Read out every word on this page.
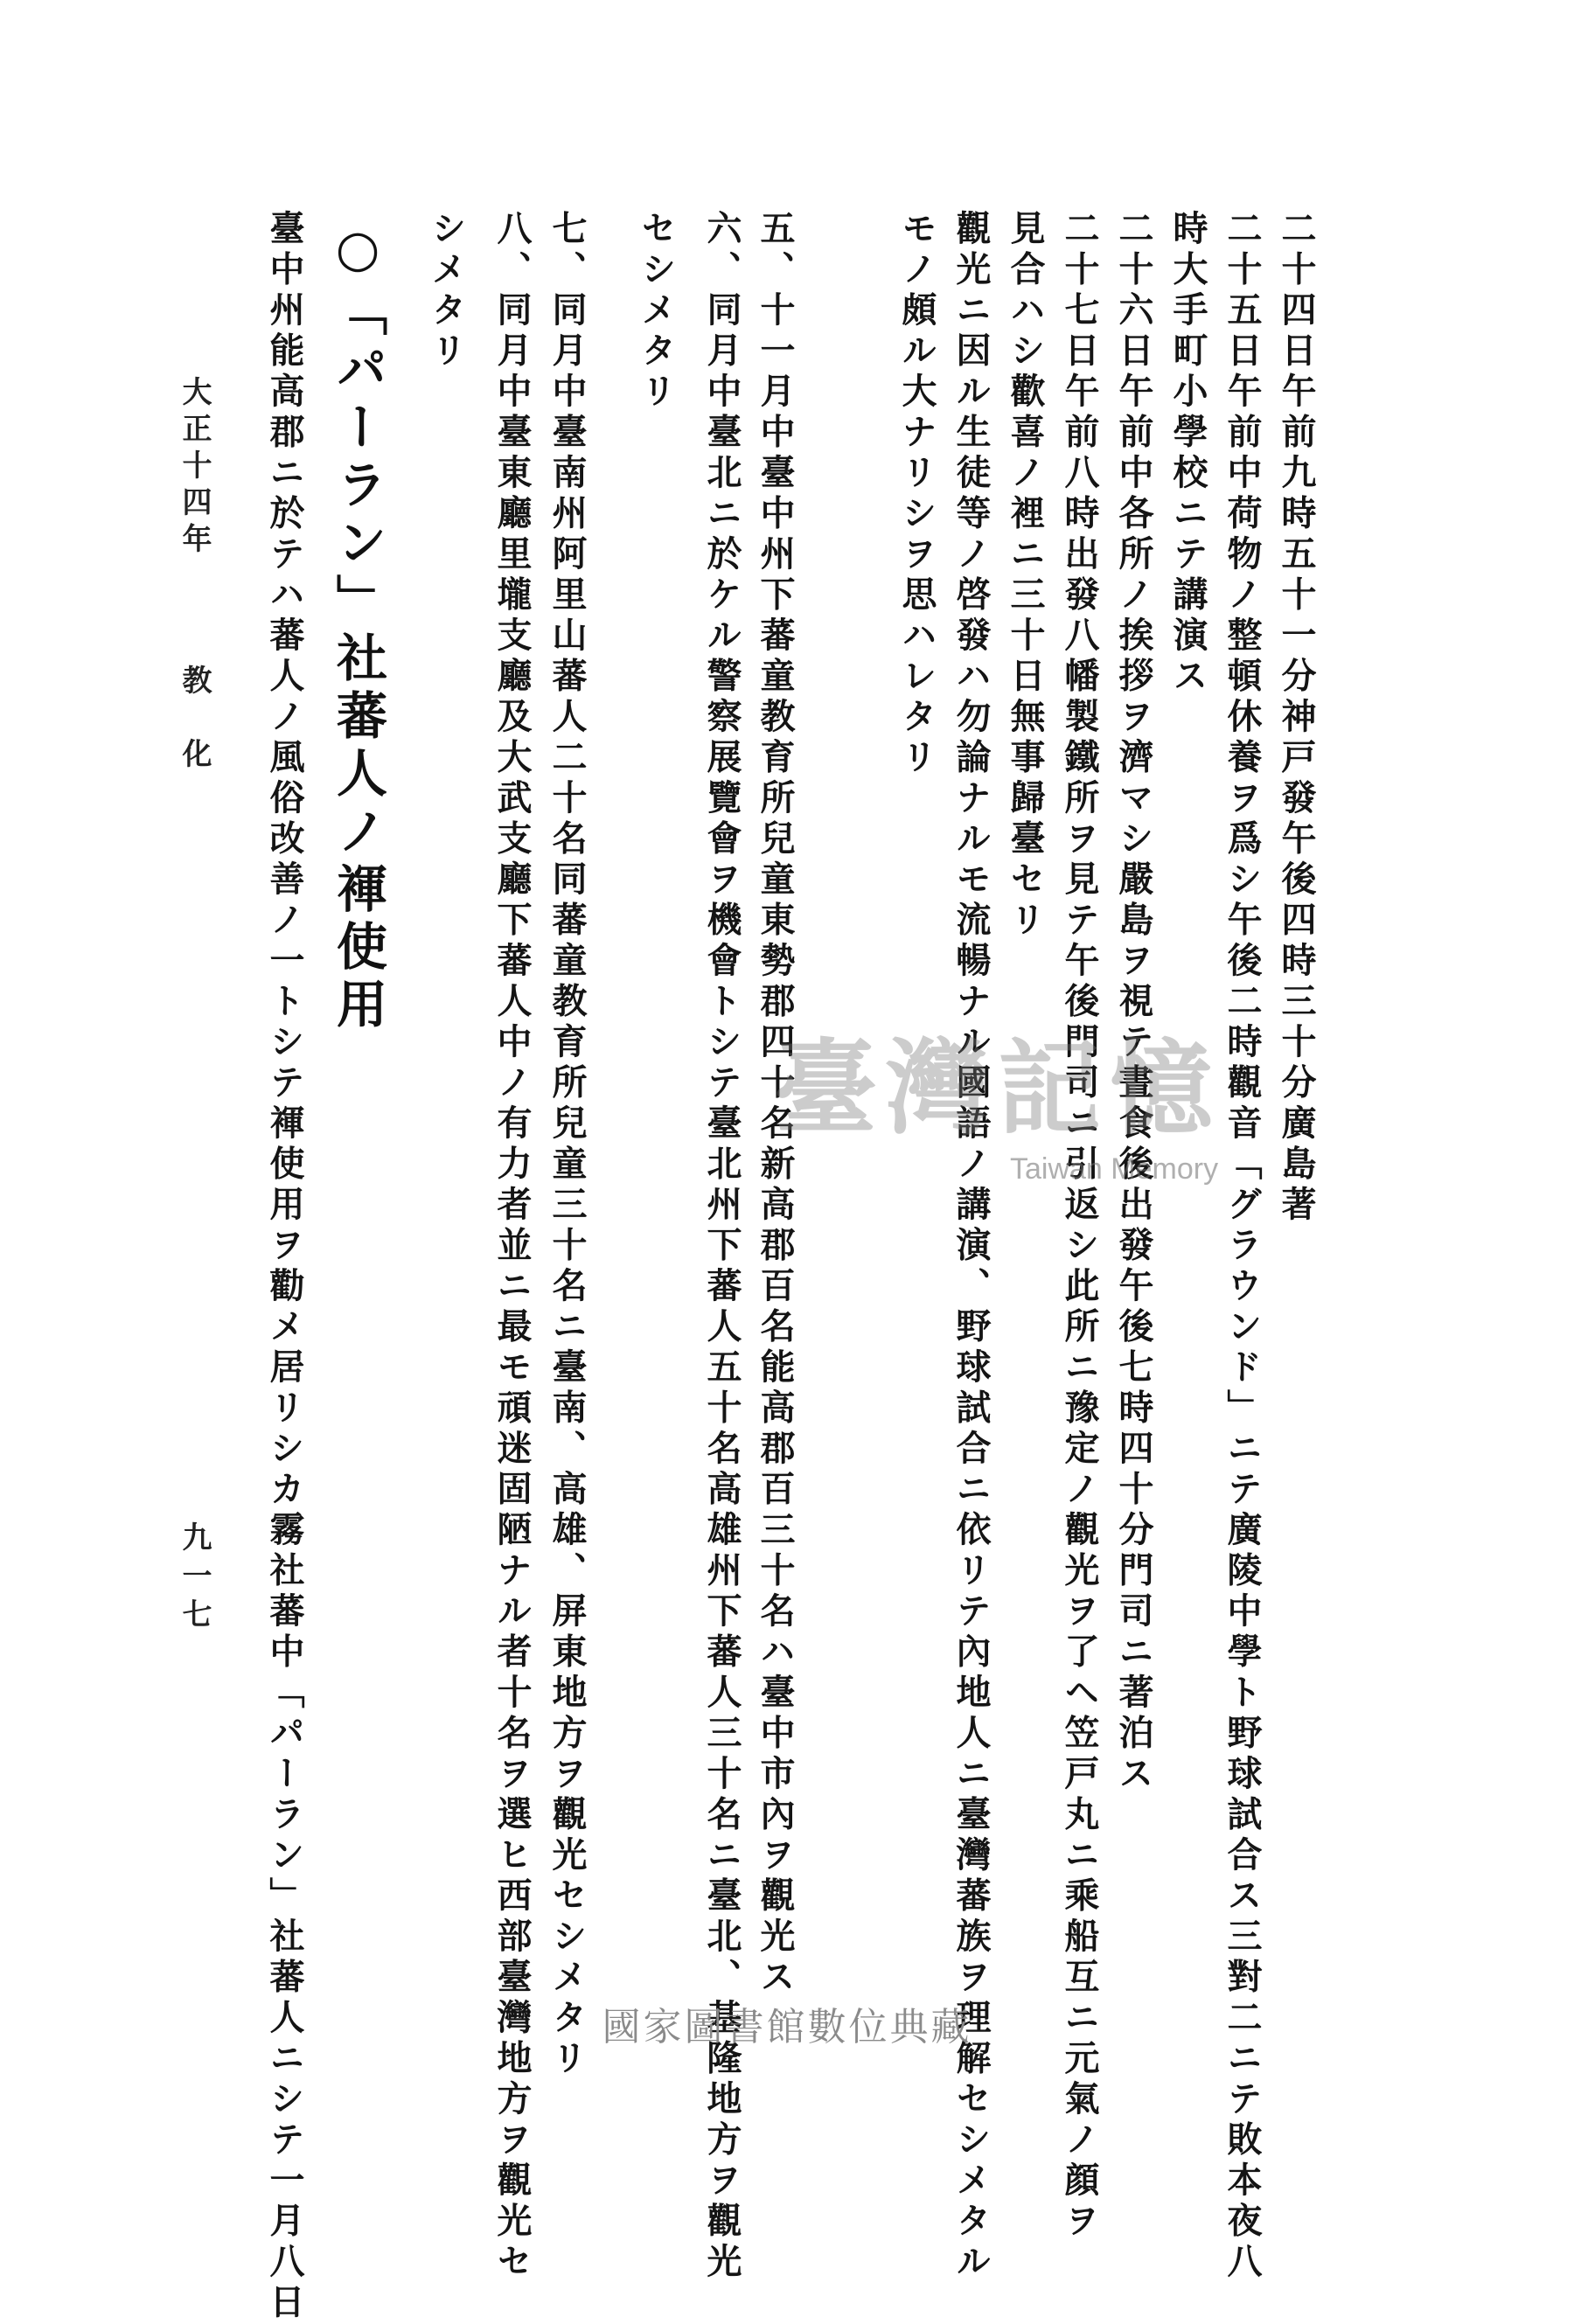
二十四日午前九時五十一分神戸發午後四時三十分廣島著
二十五日午前中荷物ノ整頓休養ヲ爲シ午後二時觀音「グラウンド」ニテ廣陵中學ト野球試合ス三對二ニテ敗本夜八
時大手町小學校ニテ講演ス
二十六日午前中各所ノ挨拶ヲ濟マシ嚴島ヲ視テ晝食後出發午後七時四十分門司ニ著泊ス
二十七日午前八時出發八幡製鐵所ヲ見テ午後門司ニ引返シ此所ニ豫定ノ觀光ヲ了ヘ笠戸丸ニ乘船互ニ元氣ノ顔ヲ
見合ハシ歡喜ノ裡ニ三十日無事歸臺セリ
觀光ニ因ル生徒等ノ啓發ハ勿論ナルモ流暢ナル國語ノ講演、野球試合ニ依リテ內地人ニ臺灣蕃族ヲ理解セシメタル
モノ頗ル大ナリシヲ思ハレタリ
五、十一月中臺中州下蕃童教育所兒童東勢郡四十名新高郡百名能高郡百三十名ハ臺中市內ヲ觀光ス
六、同月中臺北ニ於ケル警察展覽會ヲ機會トシテ臺北州下蕃人五十名高雄州下蕃人三十名ニ臺北、基隆地方ヲ觀光
セシメタリ
七、同月中臺南州阿里山蕃人二十名同蕃童教育所兒童三十名ニ臺南、高雄、屏東地方ヲ觀光セシメタリ
八、同月中臺東廳里壠支廳及大武支廳下蕃人中ノ有力者並ニ最モ頑迷固陋ナル者十名ヲ選ヒ西部臺灣地方ヲ觀光セ
シメタリ
○「パーラン」社蕃人ノ褌使用
臺中州能高郡ニ於テハ蕃人ノ風俗改善ノ一トシテ褌使用ヲ勸メ居リシカ霧社蕃中「パーラン」社蕃人ニシテ一月八日
大正十四年教　化
九一七
臺灣記憶
Taiwan Memory
國家圖書館數位典藏
